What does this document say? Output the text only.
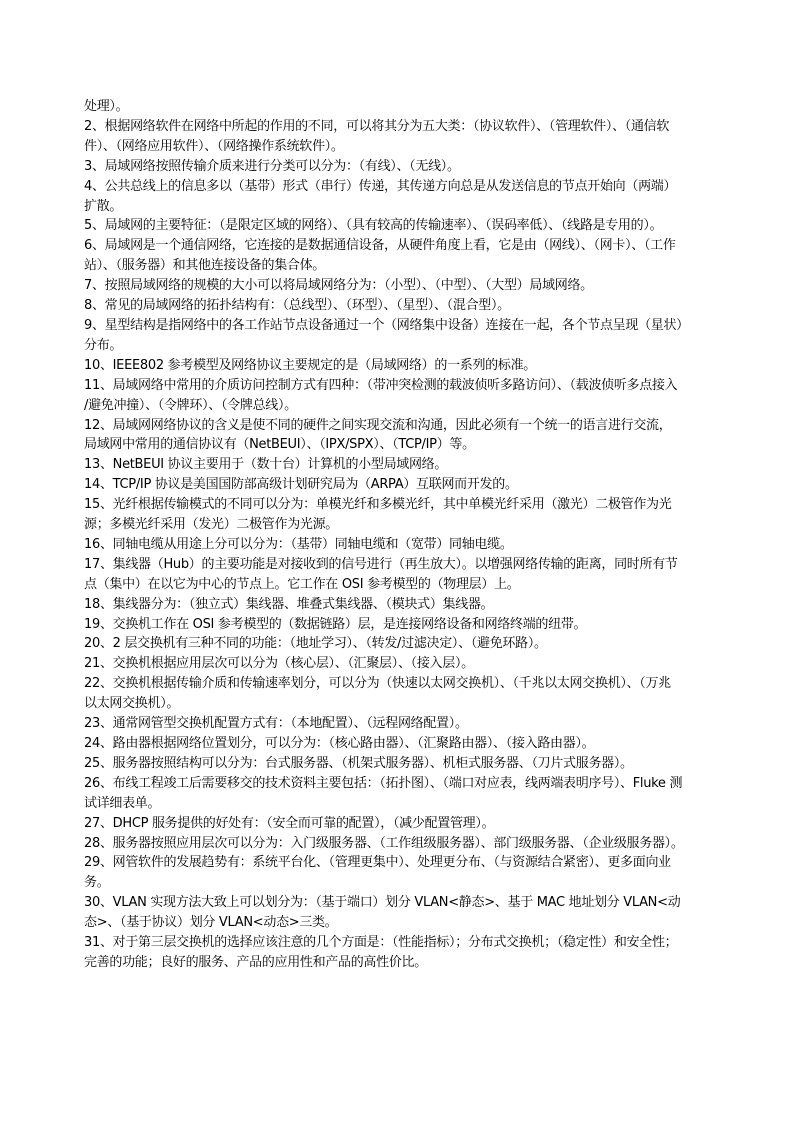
处理）。
2、根据网络软件在网络中所起的作用的不同，可以将其分为五大类：（协议软件）、（管理软件）、（通信软
件）、（网络应用软件）、（网络操作系统软件）。
3、局域网络按照传输介质来进行分类可以分为：（有线）、（无线）。
4、公共总线上的信息多以（基带）形式（串行）传递，其传递方向总是从发送信息的节点开始向（两端）
扩散。
5、局域网的主要特征：（是限定区域的网络）、（具有较高的传输速率）、（误码率低）、（线路是专用的）。
6、局域网是一个通信网络，它连接的是数据通信设备，从硬件角度上看，它是由（网线）、（网卡）、（工作
站）、（服务器）和其他连接设备的集合体。
7、按照局域网络的规模的大小可以将局域网络分为：（小型）、（中型）、（大型）局域网络。
8、常见的局域网络的拓扑结构有：（总线型）、（环型）、（星型）、（混合型）。
9、星型结构是指网络中的各工作站节点设备通过一个（网络集中设备）连接在一起，各个节点呈现（星状）
分布。
10、IEEE802 参考模型及网络协议主要规定的是（局域网络）的一系列的标准。
11、局域网络中常用的介质访问控制方式有四种：（带冲突检测的载波侦听多路访问）、（载波侦听多点接入
/避免冲撞）、（令牌环）、（令牌总线）。
12、局域网网络协议的含义是使不同的硬件之间实现交流和沟通，因此必须有一个统一的语言进行交流，
局域网中常用的通信协议有（NetBEUI）、（IPX/SPX）、（TCP/IP）等。
13、NetBEUI 协议主要用于（数十台）计算机的小型局域网络。
14、TCP/IP 协议是美国国防部高级计划研究局为（ARPA）互联网而开发的。
15、光纤根据传输模式的不同可以分为：单模光纤和多模光纤，其中单模光纤采用（激光）二极管作为光
源；多模光纤采用（发光）二极管作为光源。
16、同轴电缆从用途上分可以分为：（基带）同轴电缆和（宽带）同轴电缆。
17、集线器（Hub）的主要功能是对接收到的信号进行（再生放大）。以增强网络传输的距离，同时所有节
点（集中）在以它为中心的节点上。它工作在 OSI 参考模型的（物理层）上。
18、集线器分为：（独立式）集线器、堆叠式集线器、（模块式）集线器。
19、交换机工作在 OSI 参考模型的（数据链路）层，是连接网络设备和网络终端的纽带。
20、2 层交换机有三种不同的功能：（地址学习）、（转发/过滤决定）、（避免环路）。
21、交换机根据应用层次可以分为（核心层）、（汇聚层）、（接入层）。
22、交换机根据传输介质和传输速率划分，可以分为（快速以太网交换机）、（千兆以太网交换机）、（万兆
以太网交换机）。
23、通常网管型交换机配置方式有：（本地配置）、（远程网络配置）。
24、路由器根据网络位置划分，可以分为：（核心路由器）、（汇聚路由器）、（接入路由器）。
25、服务器按照结构可以分为：台式服务器、（机架式服务器）、机柜式服务器、（刀片式服务器）。
26、布线工程竣工后需要移交的技术资料主要包括：（拓扑图）、（端口对应表，线两端表明序号）、Fluke 测
试详细表单。
27、DHCP 服务提供的好处有：（安全而可靠的配置），（减少配置管理）。
28、服务器按照应用层次可以分为：入门级服务器、（工作组级服务器）、部门级服务器、（企业级服务器）。
29、网管软件的发展趋势有：系统平台化、（管理更集中）、处理更分布、（与资源结合紧密）、更多面向业
务。
30、VLAN 实现方法大致上可以划分为：（基于端口）划分 VLAN<静态>、基于 MAC 地址划分 VLAN<动
态>、（基于协议）划分 VLAN<动态>三类。
31、对于第三层交换机的选择应该注意的几个方面是：（性能指标）；分布式交换机；（稳定性）和安全性；
完善的功能；良好的服务、产品的应用性和产品的高性价比。
